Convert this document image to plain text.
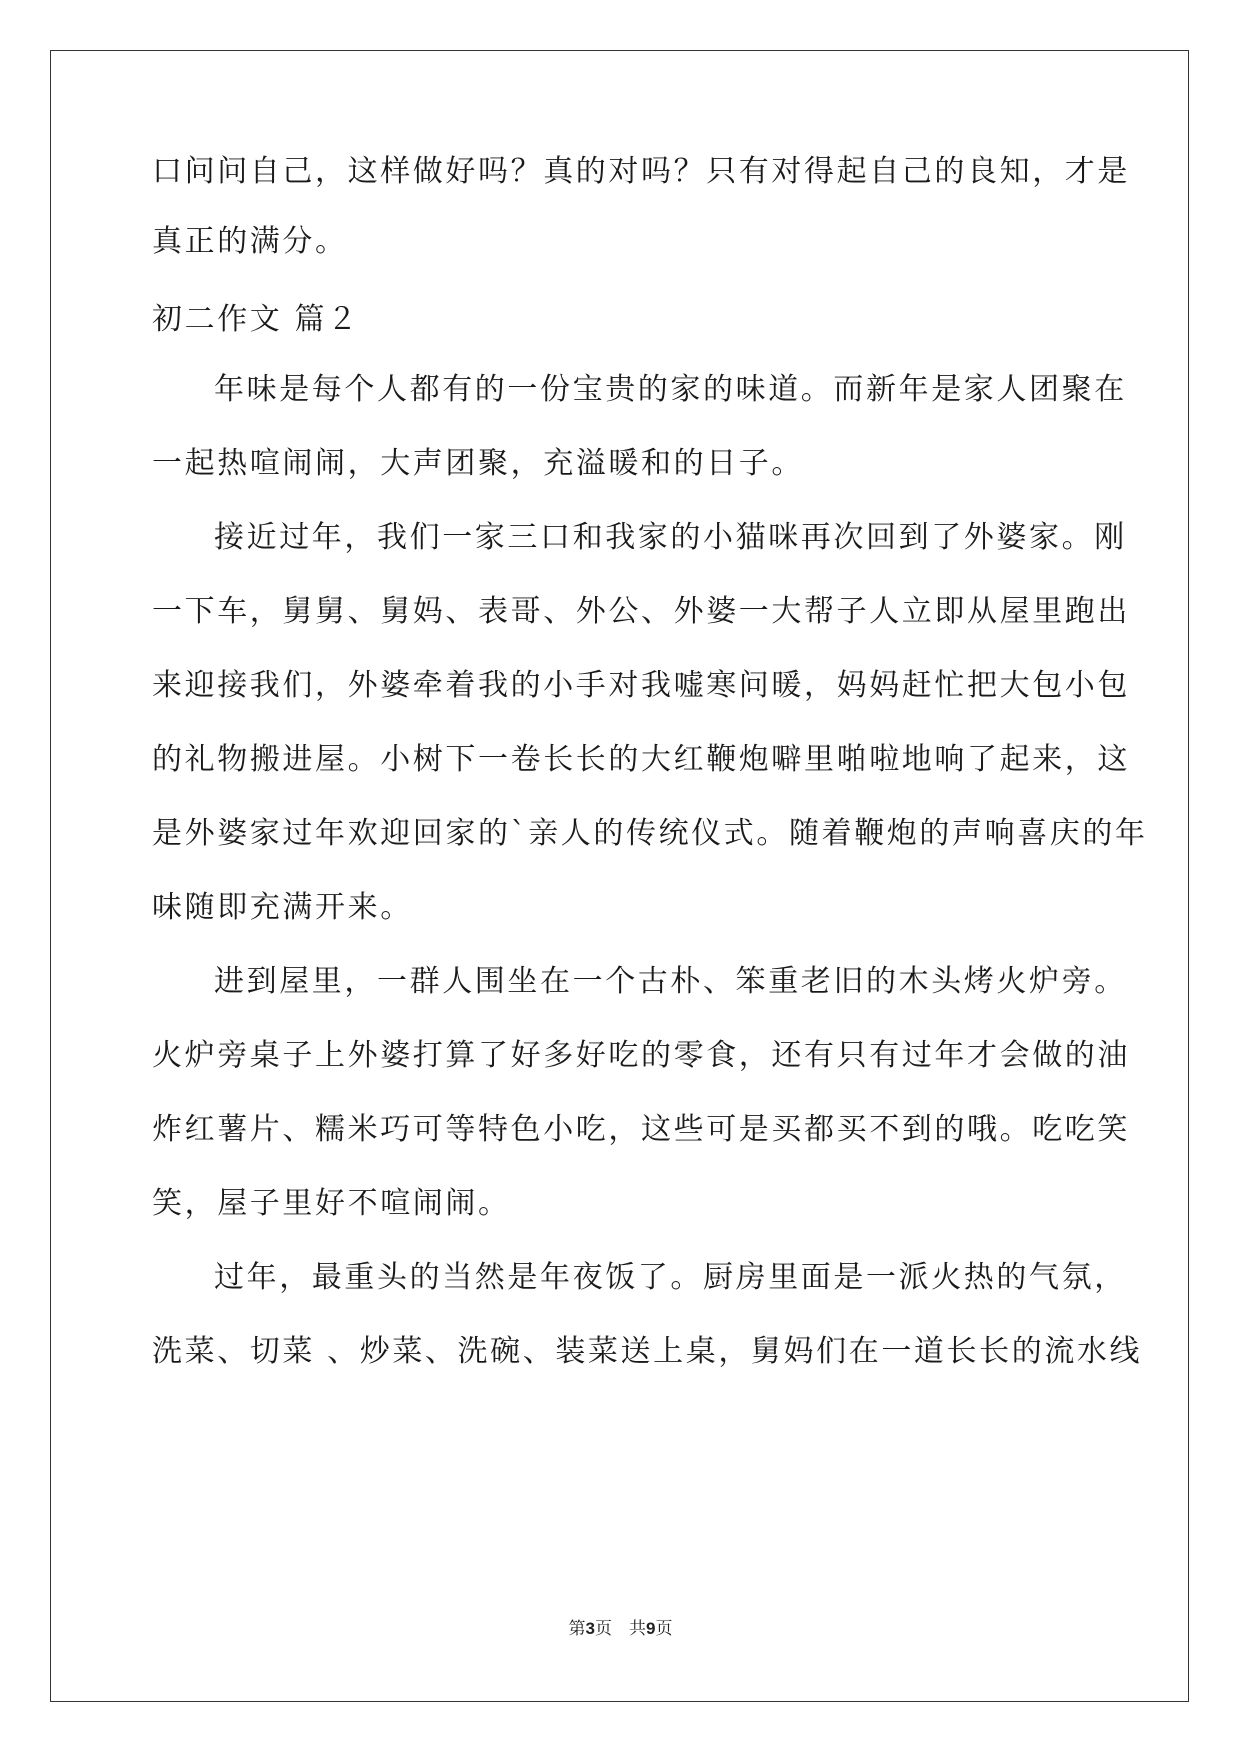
口问问自己，这样做好吗？真的对吗？只有对得起自己的良知，才是

真正的满分。

初二作文 篇２

年味是每个人都有的一份宝贵的家的味道。而新年是家人团聚在

一起热喧闹闹，大声团聚，充溢暖和的日子。

接近过年，我们一家三口和我家的小猫咪再次回到了外婆家。刚

一下车，舅舅、舅妈、表哥、外公、外婆一大帮子人立即从屋里跑出

来迎接我们，外婆牵着我的小手对我嘘寒问暖，妈妈赶忙把大包小包

的礼物搬进屋。小树下一卷长长的大红鞭炮噼里啪啦地响了起来，这

是外婆家过年欢迎回家的`亲人的传统仪式。随着鞭炮的声响喜庆的年

味随即充满开来。

进到屋里，一群人围坐在一个古朴、笨重老旧的木头烤火炉旁。

火炉旁桌子上外婆打算了好多好吃的零食，还有只有过年才会做的油

炸红薯片、糯米巧可等特色小吃，这些可是买都买不到的哦。吃吃笑

笑，屋子里好不喧闹闹。

过年，最重头的当然是年夜饭了。厨房里面是一派火热的气氛，

洗菜、切菜 、炒菜、洗碗、装菜送上桌，舅妈们在一道长长的流水线

第3页　共9页
